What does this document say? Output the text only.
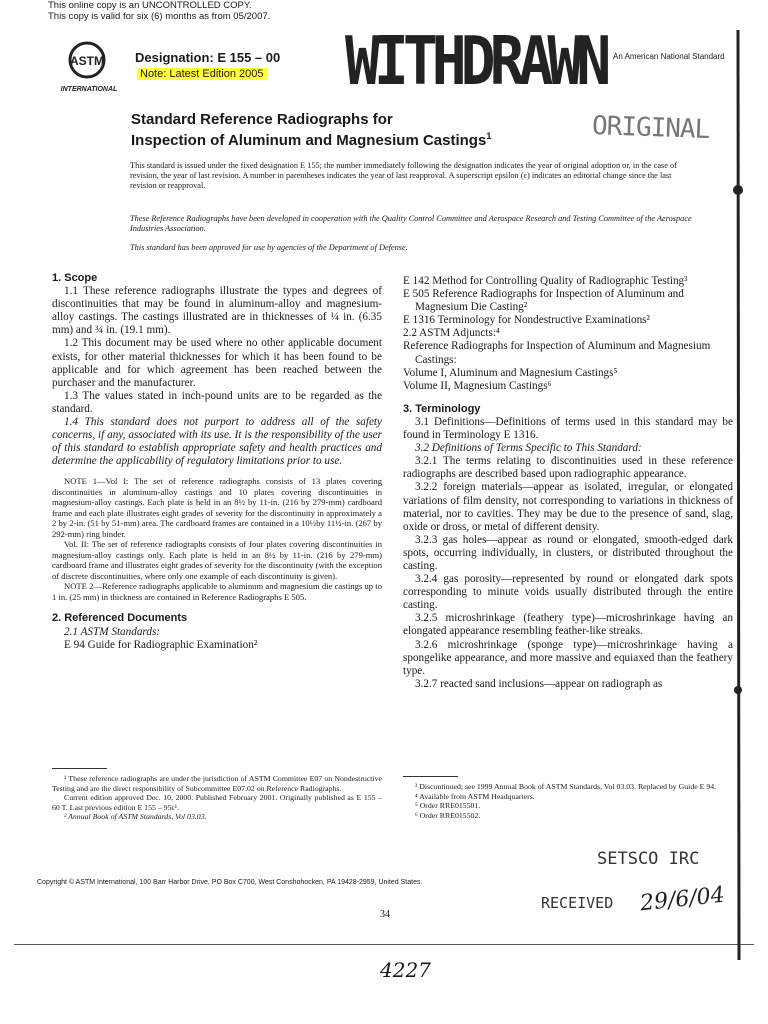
This online copy is an UNCONTROLLED COPY.
This copy is valid for six (6) months as from 05/2007.
ASTM
INTERNATIONAL
Designation: E 155 – 00
Note: Latest Edition 2005 WITHDRAWN An American National Standard
Standard Reference Radiographs for
Inspection of Aluminum and Magnesium Castings$^1$	ORIGINAL
This standard is issued under the fixed designation E 155; the number immediately following the designation indicates the year of original adoption or, in the case of revision, the year of last revision. A number in parentheses indicates the year of last reapproval. A superscript epsilon (ε) indicates an editorial change since the last revision or reapproval.
These Reference Radiographs have been developed in cooperation with the Quality Control Committee and Aerospace Research and Testing Committee of the Aerospace Industries Association.
This standard has been approved for use by agencies of the Department of Defense.

1. Scope

1.1 These reference radiographs illustrate the types and degrees of discontinuities that may be found in aluminum-alloy and magnesium-alloy castings. The castings illustrated are in thicknesses of ¼ in. (6.35 mm) and ¾ in. (19.1 mm).

1.2 This document may be used where no other applicable document exists, for other material thicknesses for which it has been found to be applicable and for which agreement has been reached between the purchaser and the manufacturer.

1.3 The values stated in inch-pound units are to be regarded as the standard.

1.4 This standard does not purport to address all of the safety concerns, if any, associated with its use. It is the responsibility of the user of this standard to establish appropriate safety and health practices and determine the applicability of regulatory limitations prior to use.

NOTE 1—Vol I: The set of reference radiographs consists of 13 plates covering discontinuities in aluminum-alloy castings and 10 plates covering discontinuities in magnesium-alloy castings. Each plate is held in an 8½ by 11-in. (216 by 279-mm) cardboard frame and each plate illustrates eight grades of severity for the discontinuity in approximately a 2 by 2-in. (51 by 51-mm) area. The cardboard frames are contained in a 10½by 11½-in. (267 by 292-mm) ring binder.

Vol. II: The set of reference radiographs consists of four plates covering discontinuities in magnesium-alloy castings only. Each plate is held in an 8½ by 11-in. (216 by 279-mm) cardboard frame and illustrates eight grades of severity for the discontinuity (with the exception of discrete discontinuities, where only one example of each discontinuity is given).

NOTE 2—Reference radiographs applicable to aluminum and magnesium die castings up to 1 in. (25 mm) in thickness are contained in Reference Radiographs E 505.

2. Referenced Documents

2.1 ASTM Standards:

E 94 Guide for Radiographic Examination²

¹ These reference radiographs are under the jurisdiction of ASTM Committee E07 on Nondestructive Testing and are the direct responsibility of Subcommittee E07.02 on Reference Radiographs.
Current edition approved Dec. 10, 2000. Published February 2001. Originally published as E 155 – 60 T. Last previous edition E 155 – 95ε¹.
² Annual Book of ASTM Standards, Vol 03.03.

E 142 Method for Controlling Quality of Radiographic Testing³

E 505 Reference Radiographs for Inspection of Aluminum and Magnesium Die Casting²

E 1316 Terminology for Nondestructive Examinations²

2.2 ASTM Adjuncts:⁴

Reference Radiographs for Inspection of Aluminum and Magnesium Castings:

Volume I, Aluminum and Magnesium Castings⁵

Volume II, Magnesium Castings⁶

3. Terminology

3.1 Definitions—Definitions of terms used in this standard may be found in Terminology E 1316.

3.2 Definitions of Terms Specific to This Standard:

3.2.1 The terms relating to discontinuities used in these reference radiographs are described based upon radiographic appearance.

3.2.2 foreign materials—appear as isolated, irregular, or elongated variations of film density, not corresponding to variations in thickness of material, nor to cavities. They may be due to the presence of sand, slag, oxide or dross, or metal of different density.

3.2.3 gas holes—appear as round or elongated, smooth-edged dark spots, occurring individually, in clusters, or distributed throughout the casting.

3.2.4 gas porosity—represented by round or elongated dark spots corresponding to minute voids usually distributed through the entire casting.

3.2.5 microshrinkage (feathery type)—microshrinkage having an elongated appearance resembling feather-like streaks.

3.2.6 microshrinkage (sponge type)—microshrinkage having a spongelike appearance, and more massive and equiaxed than the feathery type.

3.2.7 reacted sand inclusions—appear on radiograph as

³ Discontinued; see 1999 Annual Book of ASTM Standards, Vol 03.03. Replaced by Guide E 94.
⁴ Available from ASTM Headquarters.
⁵ Order RRE015501.
⁶ Order RRE015502.
SETSCO IRC
RECEIVED 29/6/04
Copyright © ASTM International, 100 Barr Harbor Drive, PO Box C700, West Conshohocken, PA 19428-2959, United States.
34
4227
